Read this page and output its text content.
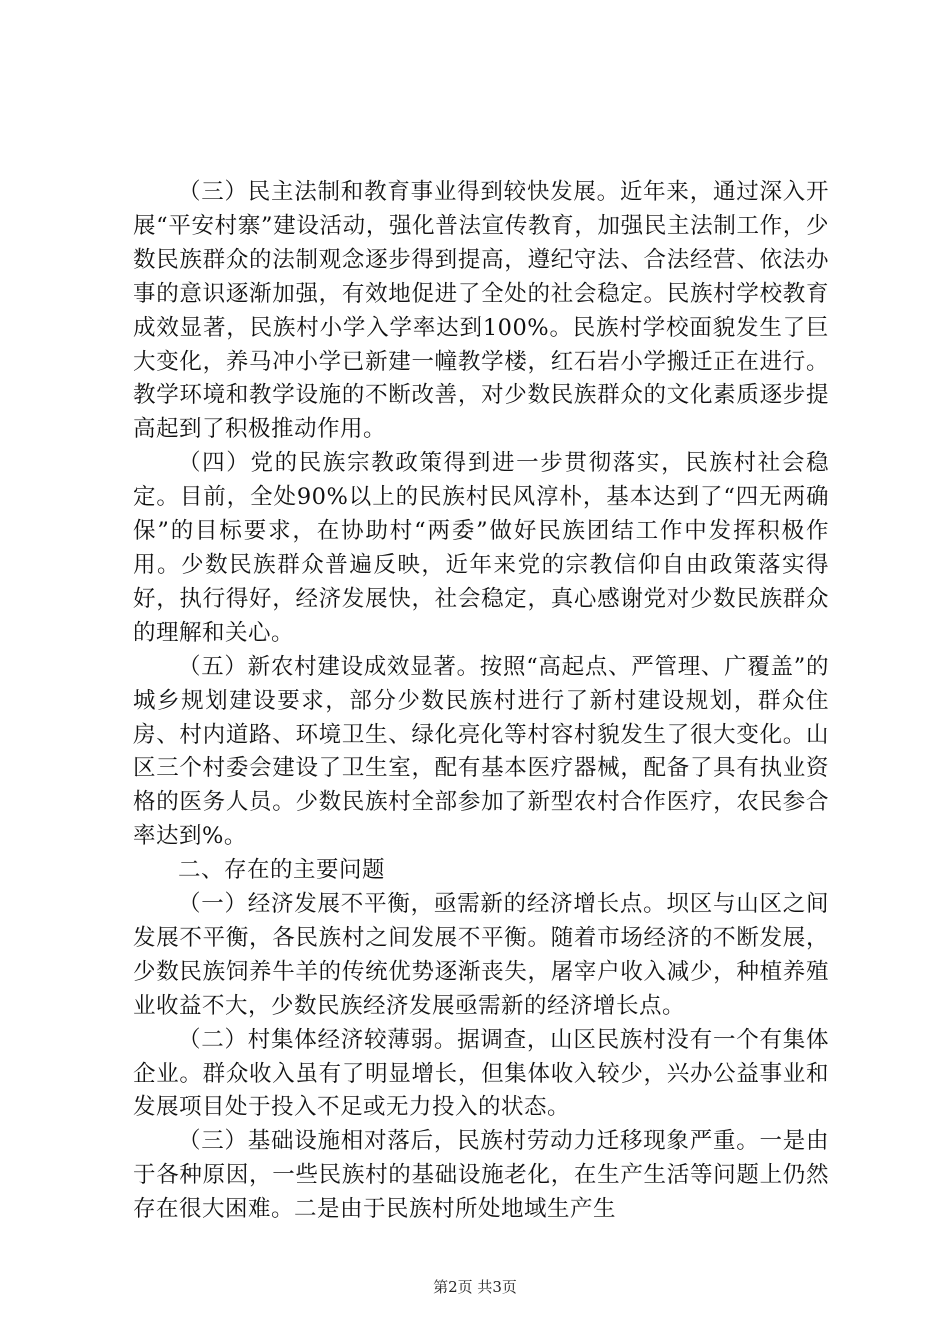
（三）民主法制和教育事业得到较快发展。近年来，通过深入开展“平安村寨”建设活动，强化普法宣传教育，加强民主法制工作，少数民族群众的法制观念逐步得到提高，遵纪守法、合法经营、依法办事的意识逐渐加强，有效地促进了全处的社会稳定。民族村学校教育成效显著，民族村小学入学率达到100%。民族村学校面貌发生了巨大变化，养马冲小学已新建一幢教学楼，红石岩小学搬迁正在进行。教学环境和教学设施的不断改善，对少数民族群众的文化素质逐步提高起到了积极推动作用。

（四）党的民族宗教政策得到进一步贯彻落实，民族村社会稳定。目前，全处90%以上的民族村民风淳朴，基本达到了“四无两确保”的目标要求，在协助村“两委”做好民族团结工作中发挥积极作用。少数民族群众普遍反映，近年来党的宗教信仰自由政策落实得好，执行得好，经济发展快，社会稳定，真心感谢党对少数民族群众的理解和关心。

（五）新农村建设成效显著。按照“高起点、严管理、广覆盖”的城乡规划建设要求，部分少数民族村进行了新村建设规划，群众住房、村内道路、环境卫生、绿化亮化等村容村貌发生了很大变化。山区三个村委会建设了卫生室，配有基本医疗器械，配备了具有执业资格的医务人员。少数民族村全部参加了新型农村合作医疗，农民参合率达到%。

二、存在的主要问题

（一）经济发展不平衡，亟需新的经济增长点。坝区与山区之间发展不平衡，各民族村之间发展不平衡。随着市场经济的不断发展，少数民族饲养牛羊的传统优势逐渐丧失，屠宰户收入减少，种植养殖业收益不大，少数民族经济发展亟需新的经济增长点。

（二）村集体经济较薄弱。据调查，山区民族村没有一个有集体企业。群众收入虽有了明显增长，但集体收入较少，兴办公益事业和发展项目处于投入不足或无力投入的状态。

（三）基础设施相对落后，民族村劳动力迁移现象严重。一是由于各种原因，一些民族村的基础设施老化，在生产生活等问题上仍然存在很大困难。二是由于民族村所处地域生产生

第2页 共3页
